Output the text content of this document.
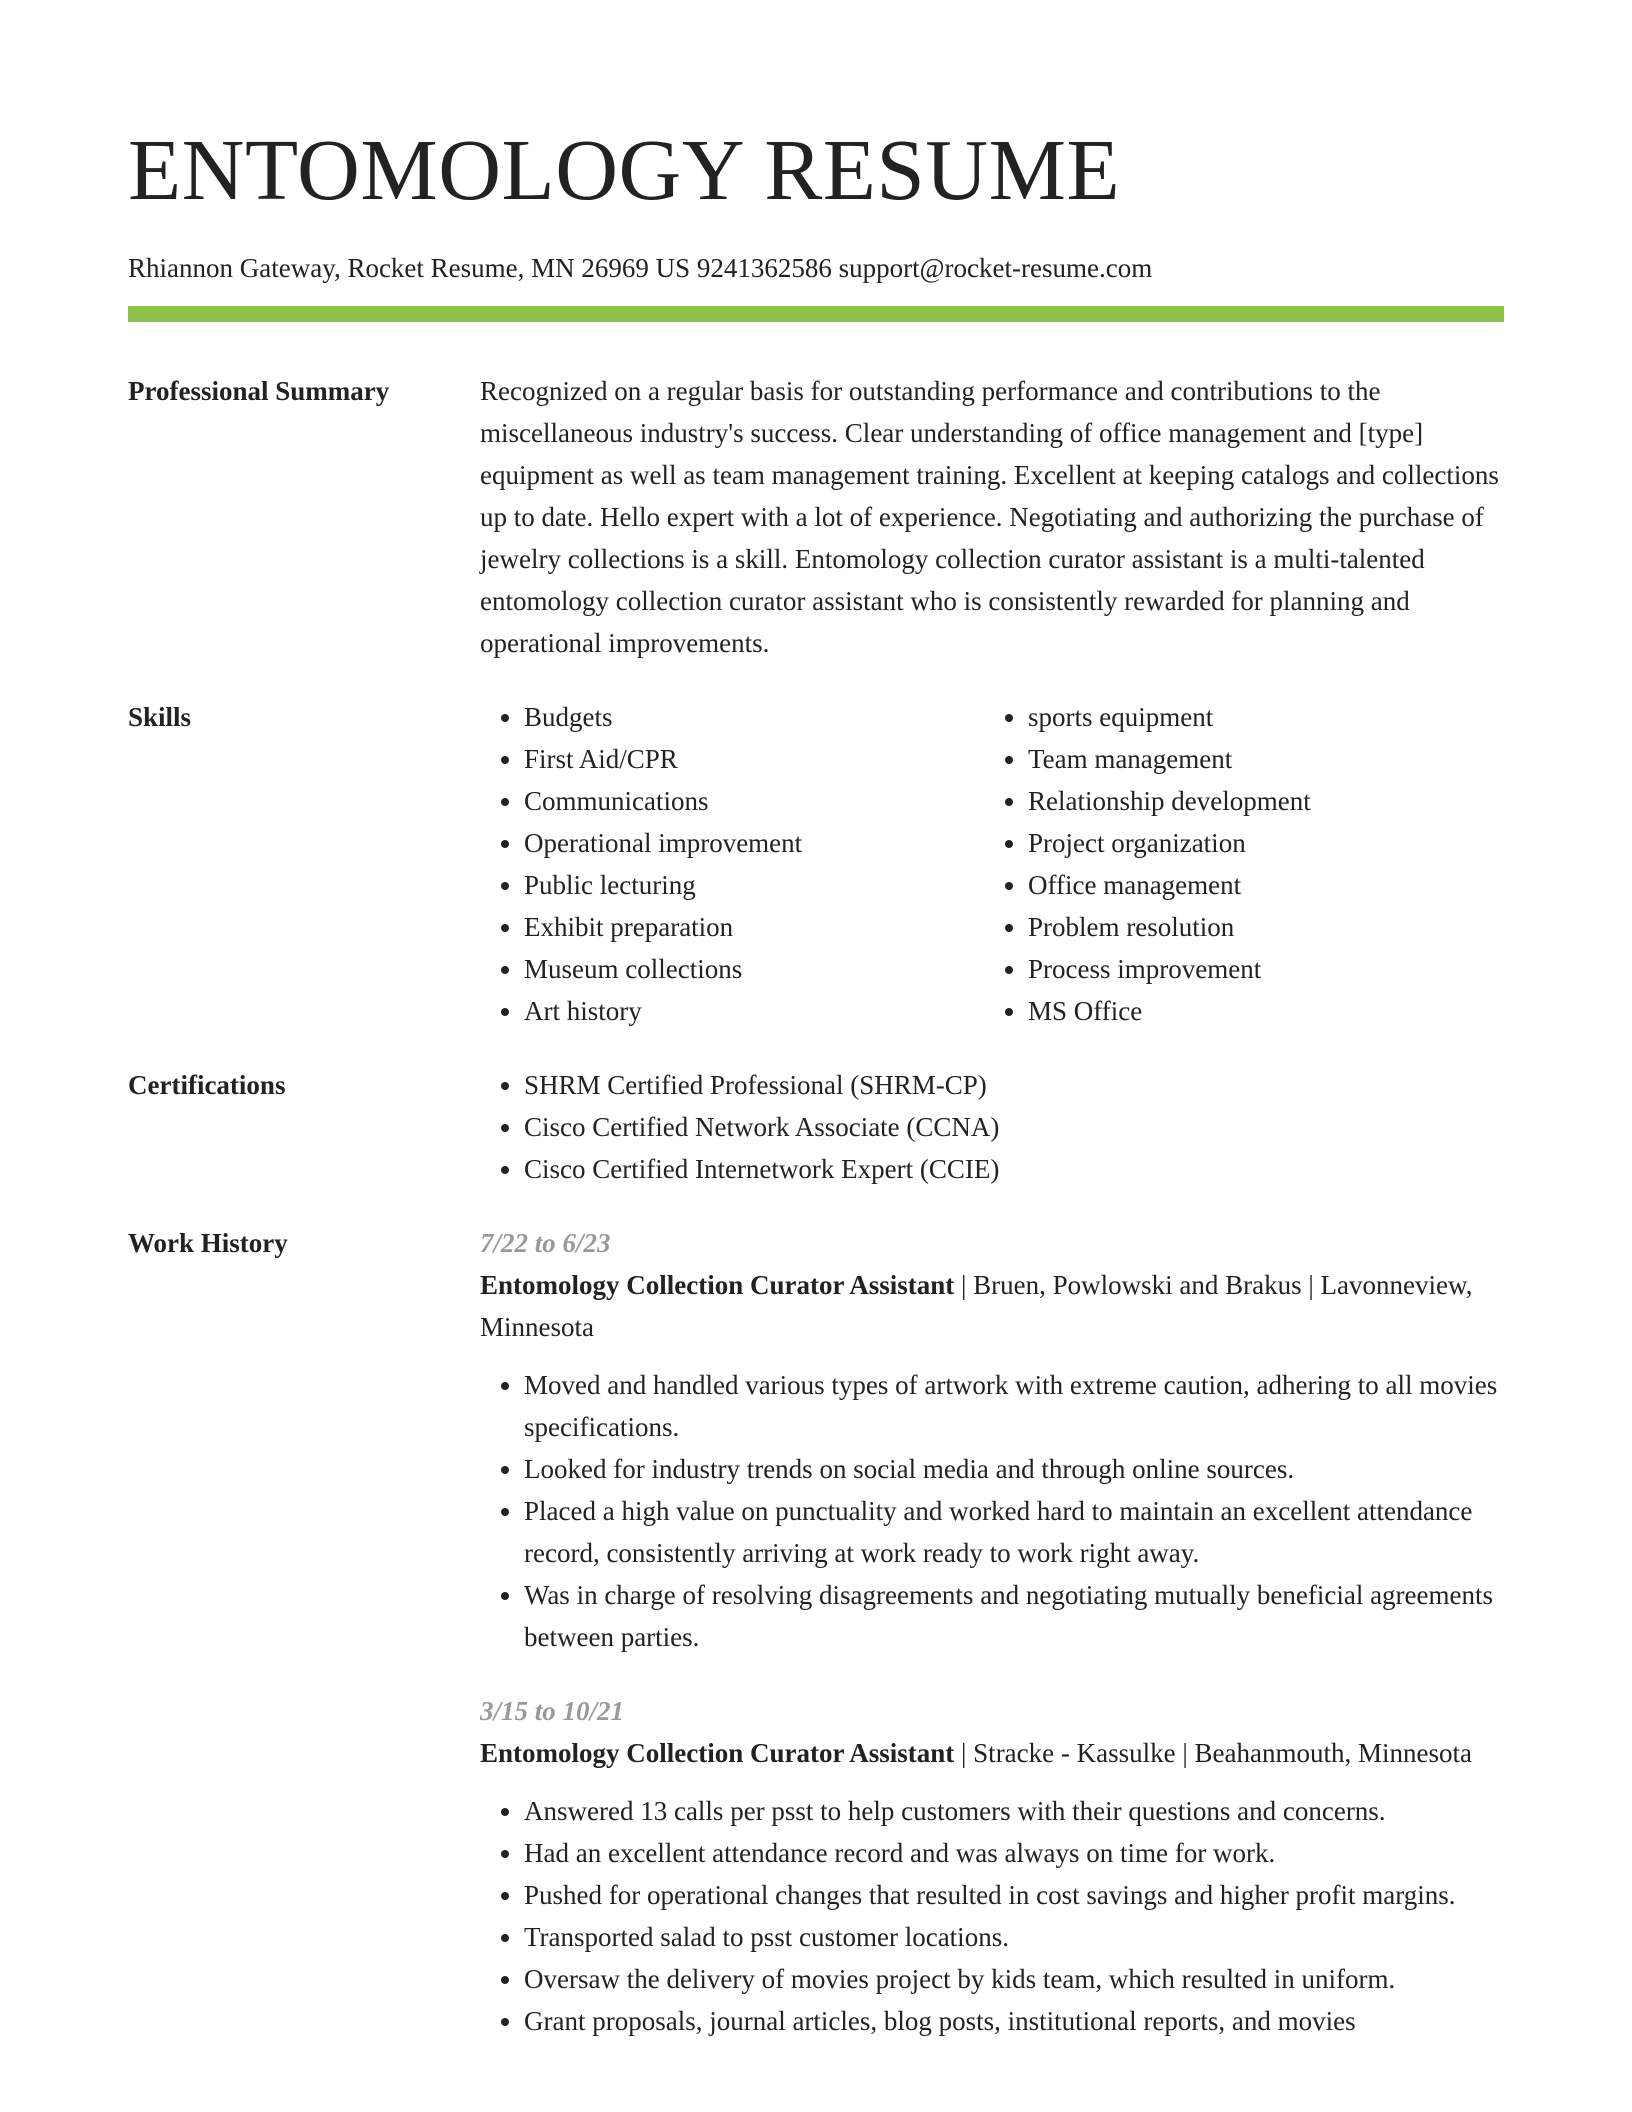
ENTOMOLOGY RESUME
Rhiannon Gateway, Rocket Resume, MN 26969 US 9241362586 support@rocket-resume.com
Professional Summary	Recognized on a regular basis for outstanding performance and contributions to the miscellaneous industry's success. Clear understanding of office management and [type] equipment as well as team management training. Excellent at keeping catalogs and collections up to date. Hello expert with a lot of experience. Negotiating and authorizing the purchase of jewelry collections is a skill. Entomology collection curator assistant is a multi-talented entomology collection curator assistant who is consistently rewarded for planning and operational improvements.

Skills	• Budgets
• First Aid/CPR
• Communications
• Operational improvement
• Public lecturing
• Exhibit preparation
• Museum collections
• Art history
• sports equipment
• Team management
• Relationship development
• Project organization
• Office management
• Problem resolution
• Process improvement
• MS Office
Certifications	• SHRM Certified Professional (SHRM-CP)
• Cisco Certified Network Associate (CCNA)
• Cisco Certified Internetwork Expert (CCIE)
Work History	7/22 to 6/23
Entomology Collection Curator Assistant | Bruen, Powlowski and Brakus | Lavonneview, Minnesota
• Moved and handled various types of artwork with extreme caution, adhering to all movies specifications.
• Looked for industry trends on social media and through online sources.
• Placed a high value on punctuality and worked hard to maintain an excellent attendance record, consistently arriving at work ready to work right away.
• Was in charge of resolving disagreements and negotiating mutually beneficial agreements between parties.
3/15 to 10/21
Entomology Collection Curator Assistant | Stracke - Kassulke | Beahanmouth, Minnesota
• Answered 13 calls per psst to help customers with their questions and concerns.
• Had an excellent attendance record and was always on time for work.
• Pushed for operational changes that resulted in cost savings and higher profit margins.
• Transported salad to psst customer locations.
• Oversaw the delivery of movies project by kids team, which resulted in uniform.
• Grant proposals, journal articles, blog posts, institutional reports, and movies
